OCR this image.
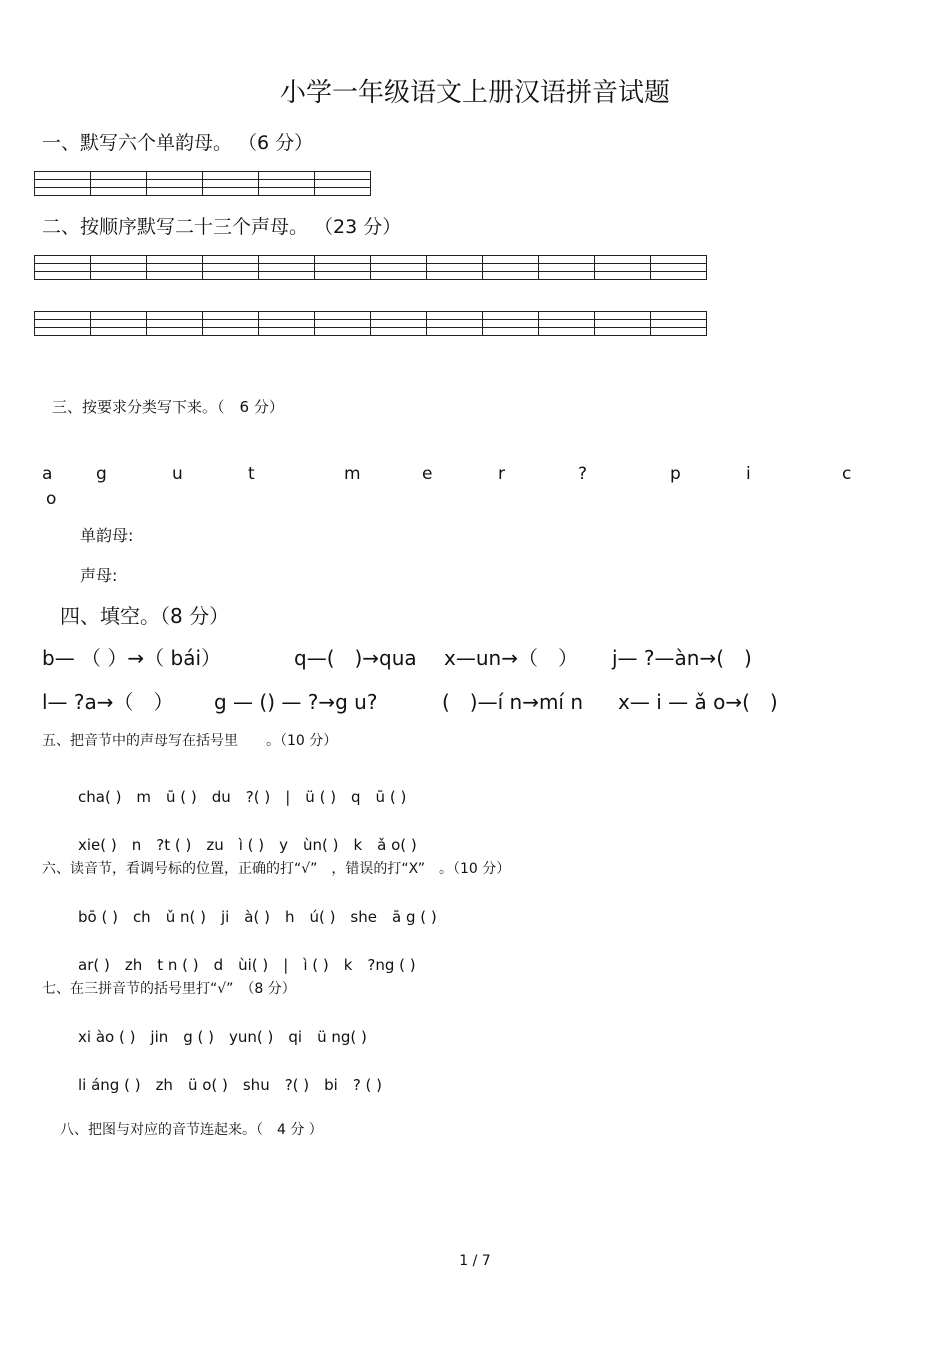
小学一年级语文上册汉语拼音试题
一、默写六个单韵母。 （6 分）

二、按顺序默写二十三个声母。 （23 分）

三、按要求分类写下来。（　6 分）
a	g	u	t	m	e	r	?	p	i	c
o
单韵母:
声母:
四、填空。（8 分）
b— （ ）→（ bái）	q—(　)→qua x—un→（　） j— ?—àn→(　)
l— ?a→（　） g — () — ?→g u?	(　)—í n→mí n x— i — ǎ o→(　)
五、把音节中的声母写在括号里　　。（10 分）
cha( )　m　ū ( )　du　?( )　|　ü ( )　q　ū ( )
xie( )　n　?t ( )　zu　ì ( )　y　ùn( )　k　ǎ o( )
六、读音节，看调号标的位置，正确的打“√”　，错误的打“X”　。（10 分）
bō ( )　ch　ǔ n( )　ji　à( )　h　ú( )　she　ā g ( )
ar( )　zh　t n ( )　d　ùi( )　|　ì ( )　k　?ng ( )
七、在三拼音节的括号里打“√”　（8 分）
xi ào ( )　jin　g ( )　yun( )　qi　ü ng( )
li áng ( )　zh　ü o( )　shu　?( )　bi　? ( )
八、把图与对应的音节连起来。（　4 分 ）
1 / 7
